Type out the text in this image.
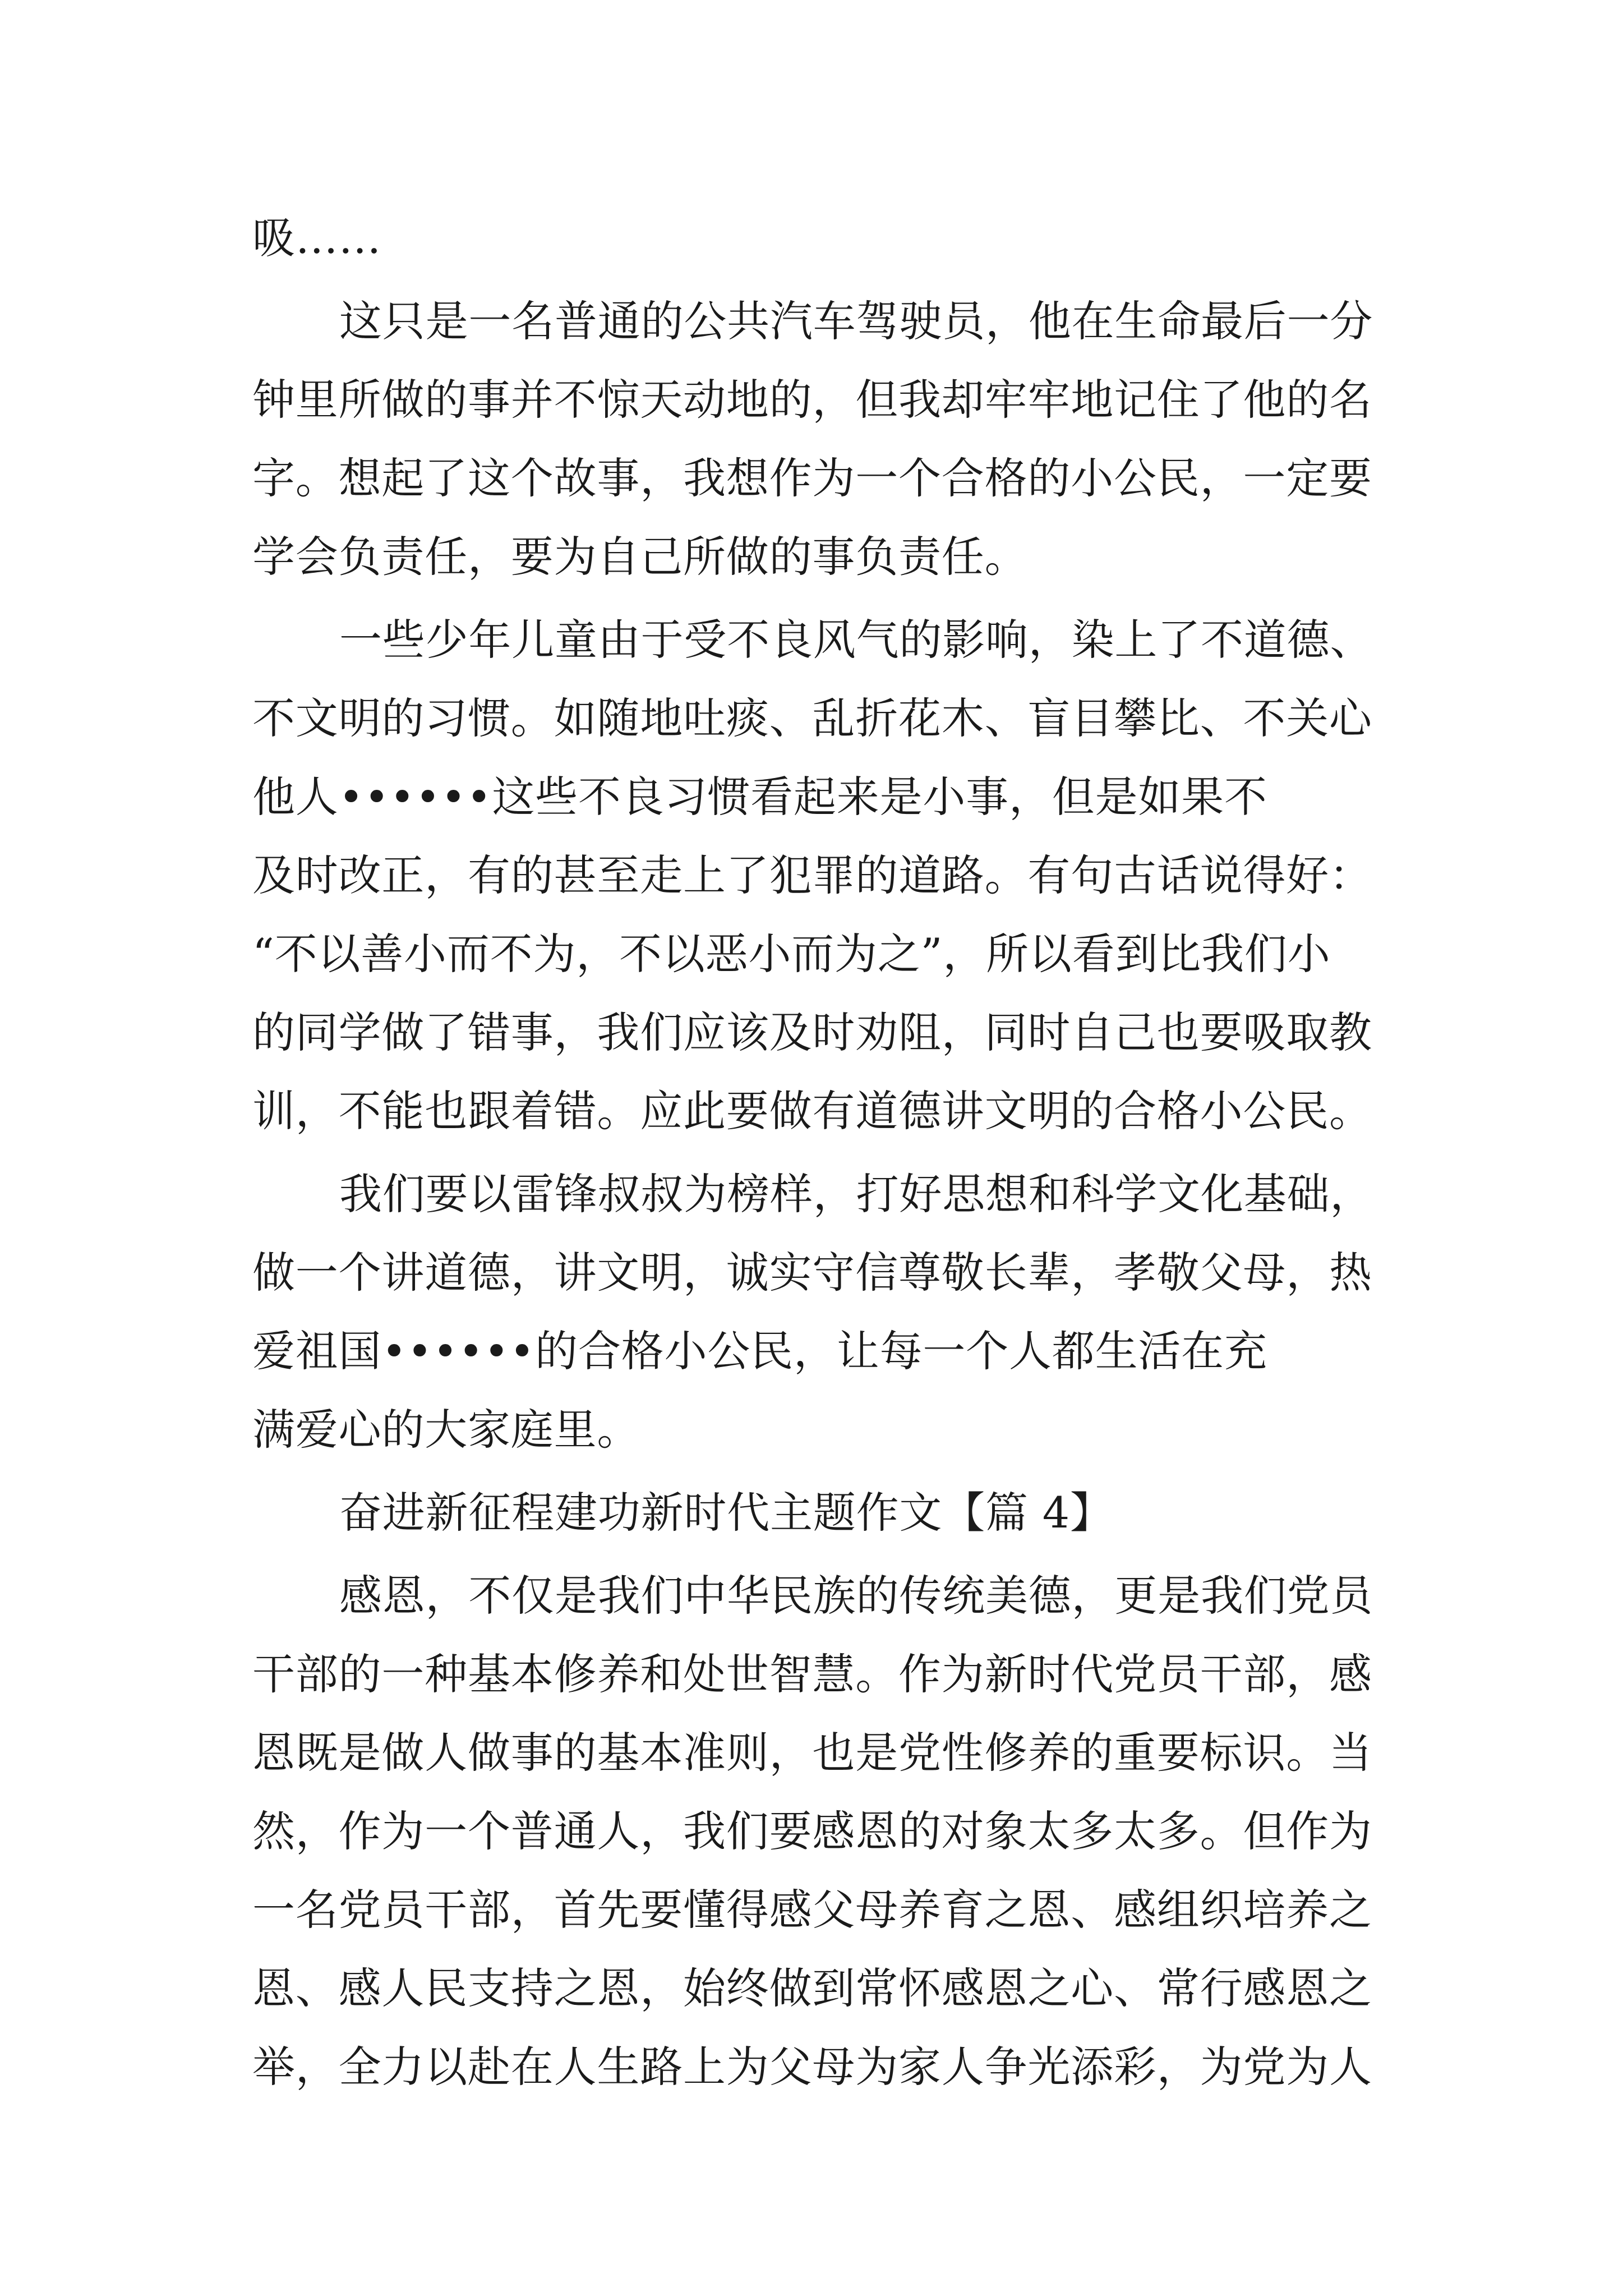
吸……
这只是一名普通的公共汽车驾驶员，他在生命最后一分
钟里所做的事并不惊天动地的，但我却牢牢地记住了他的名
字。想起了这个故事，我想作为一个合格的小公民，一定要
学会负责任，要为自己所做的事负责任。
一些少年儿童由于受不良风气的影响，染上了不道德、
不文明的习惯。如随地吐痰、乱折花木、盲目攀比、不关心
他人••••••这些不良习惯看起来是小事，但是如果不
及时改正，有的甚至走上了犯罪的道路。有句古话说得好：
“不以善小而不为，不以恶小而为之”，所以看到比我们小
的同学做了错事，我们应该及时劝阻，同时自己也要吸取教
训，不能也跟着错。应此要做有道德讲文明的合格小公民。
我们要以雷锋叔叔为榜样，打好思想和科学文化基础，
做一个讲道德，讲文明，诚实守信尊敬长辈，孝敬父母，热
爱祖国••••••的合格小公民，让每一个人都生活在充
满爱心的大家庭里。
奋进新征程建功新时代主题作文【篇 4】
感恩，不仅是我们中华民族的传统美德，更是我们党员
干部的一种基本修养和处世智慧。作为新时代党员干部，感
恩既是做人做事的基本准则，也是党性修养的重要标识。当
然，作为一个普通人，我们要感恩的对象太多太多。但作为
一名党员干部，首先要懂得感父母养育之恩、感组织培养之
恩、感人民支持之恩，始终做到常怀感恩之心、常行感恩之
举，全力以赴在人生路上为父母为家人争光添彩，为党为人
